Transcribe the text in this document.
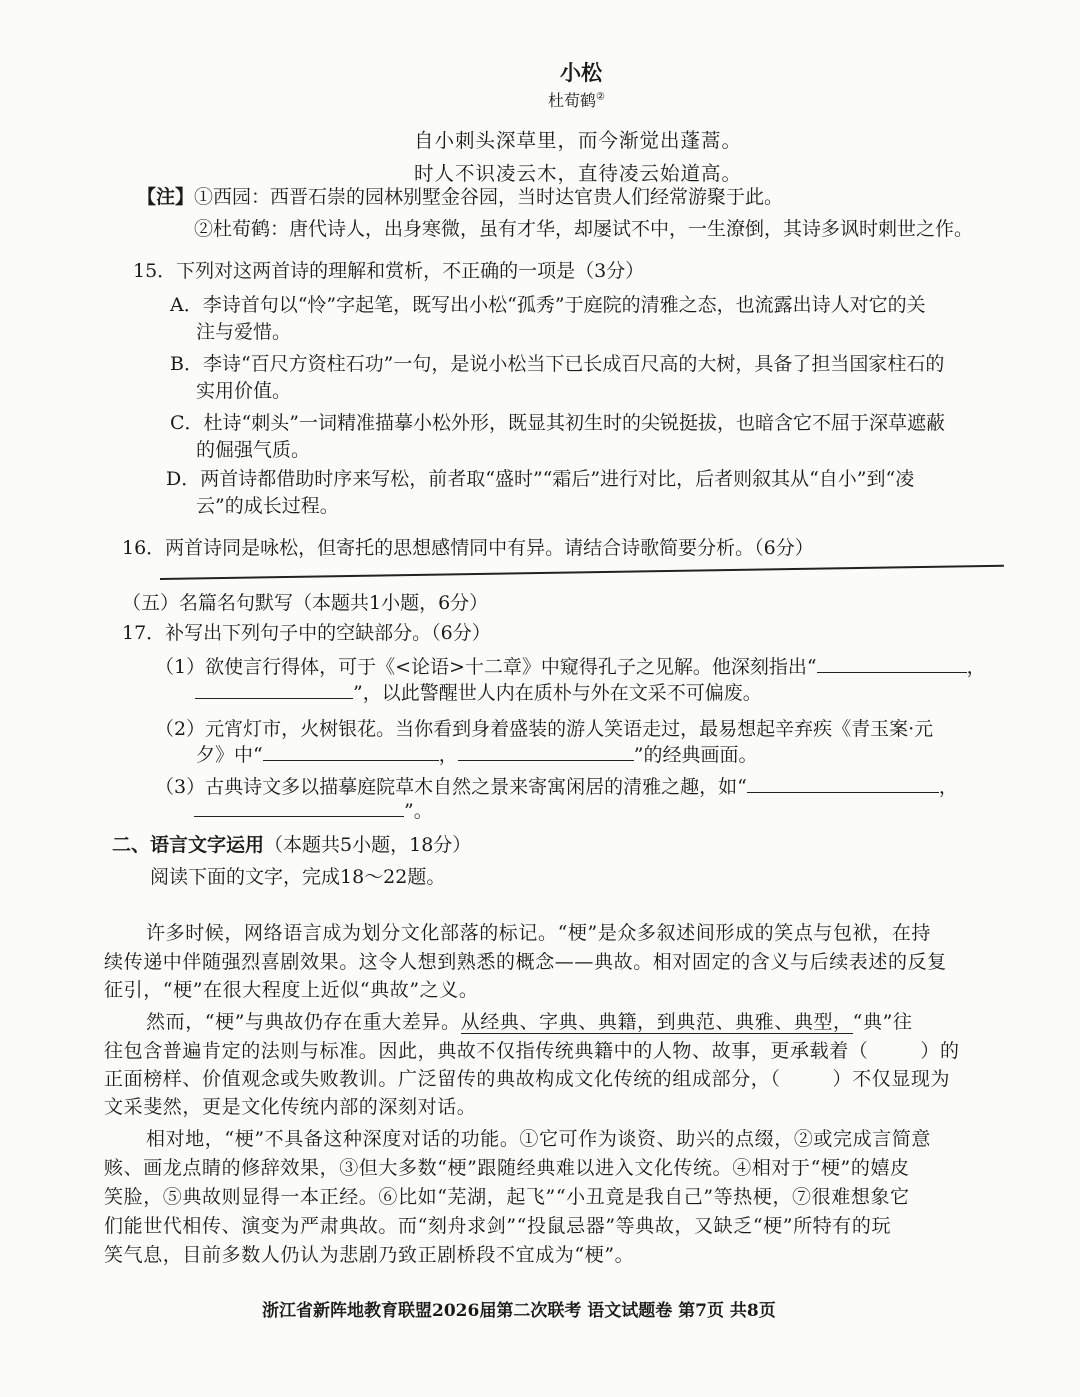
小松
杜荀鹤②
自小刺头深草里，而今渐觉出蓬蒿。
时人不识凌云木，直待凌云始道高。
【注】①西园：西晋石崇的园林别墅金谷园，当时达官贵人们经常游聚于此。
②杜荀鹤：唐代诗人，出身寒微，虽有才华，却屡试不中，一生潦倒，其诗多讽时刺世之作。
15．下列对这两首诗的理解和赏析，不正确的一项是（3分）
A．李诗首句以“怜”字起笔，既写出小松“孤秀”于庭院的清雅之态，也流露出诗人对它的关
注与爱惜。
B．李诗“百尺方资柱石功”一句，是说小松当下已长成百尺高的大树，具备了担当国家柱石的
实用价值。
C．杜诗“刺头”一词精准描摹小松外形，既显其初生时的尖锐挺拔，也暗含它不屈于深草遮蔽
的倔强气质。
D．两首诗都借助时序来写松，前者取“盛时”“霜后”进行对比，后者则叙其从“自小”到“凌
云”的成长过程。
16．两首诗同是咏松，但寄托的思想感情同中有异。请结合诗歌简要分析。（6分）
（五）名篇名句默写（本题共1小题，6分）
17．补写出下列句子中的空缺部分。（6分）
（1）欲使言行得体，可于《<论语>十二章》中窥得孔子之见解。他深刻指出“	，
”，以此警醒世人内在质朴与外在文采不可偏废。
（2）元宵灯市，火树银花。当你看到身着盛装的游人笑语走过，最易想起辛弃疾《青玉案·元
夕》中“	，	”的经典画面。
（3）古典诗文多以描摹庭院草木自然之景来寄寓闲居的清雅之趣，如“	，
”。
二、语言文字运用（本题共5小题，18分）
阅读下面的文字，完成18～22题。
许多时候，网络语言成为划分文化部落的标记。“梗”是众多叙述间形成的笑点与包袱，在持
续传递中伴随强烈喜剧效果。这令人想到熟悉的概念——典故。相对固定的含义与后续表述的反复
征引，“梗”在很大程度上近似“典故”之义。
然而，“梗”与典故仍存在重大差异。从经典、字典、典籍，到典范、典雅、典型，“典”往
往包含普遍肯定的法则与标准。因此，典故不仅指传统典籍中的人物、故事，更承载着（	）的
正面榜样、价值观念或失败教训。广泛留传的典故构成文化传统的组成部分，（	）不仅显现为
文采斐然，更是文化传统内部的深刻对话。
相对地，“梗”不具备这种深度对话的功能。①它可作为谈资、助兴的点缀，②或完成言简意
赅、画龙点睛的修辞效果，③但大多数“梗”跟随经典难以进入文化传统。④相对于“梗”的嬉皮
笑脸，⑤典故则显得一本正经。⑥比如“芜湖，起飞”“小丑竟是我自己”等热梗，⑦很难想象它
们能世代相传、演变为严肃典故。而“刻舟求剑”“投鼠忌器”等典故，又缺乏“梗”所特有的玩
笑气息，目前多数人仍认为悲剧乃致正剧桥段不宜成为“梗”。
浙江省新阵地教育联盟2026届第二次联考 语文试题卷 第7页 共8页
